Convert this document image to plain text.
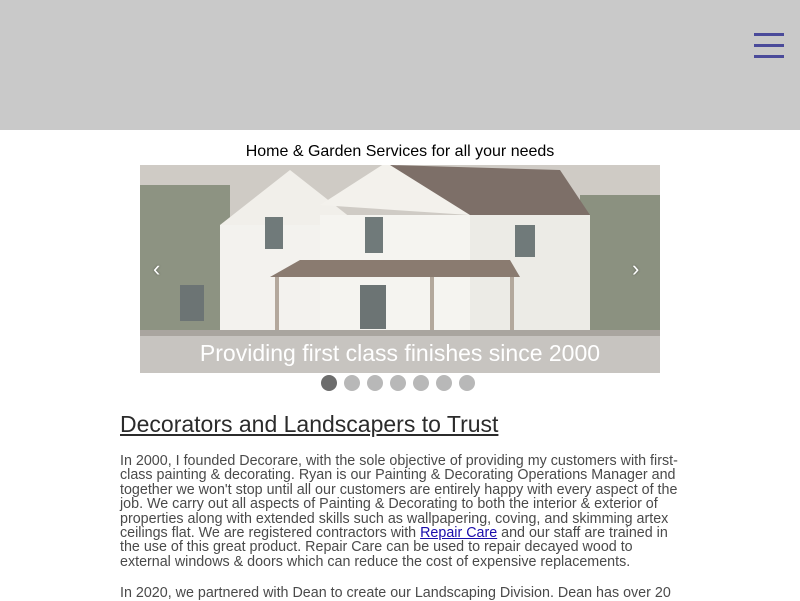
Home & Garden Services for all your needs
‹	›
Providing first class finishes since 2000
Decorators and Landscapers to Trust

In 2000, I founded Decorare, with the sole objective of providing my customers with first-class painting & decorating. Ryan is our Painting & Decorating Operations Manager and together we won't stop until all our customers are entirely happy with every aspect of the job. We carry out all aspects of Painting & Decorating to both the interior & exterior of properties along with extended skills such as wallpapering, coving, and skimming artex ceilings flat. We are registered contractors with Repair Care and our staff are trained in the use of this great product. Repair Care can be used to repair decayed wood to external windows & doors which can reduce the cost of expensive replacements.

In 2020, we partnered with Dean to create our Landscaping Division. Dean has over 20
